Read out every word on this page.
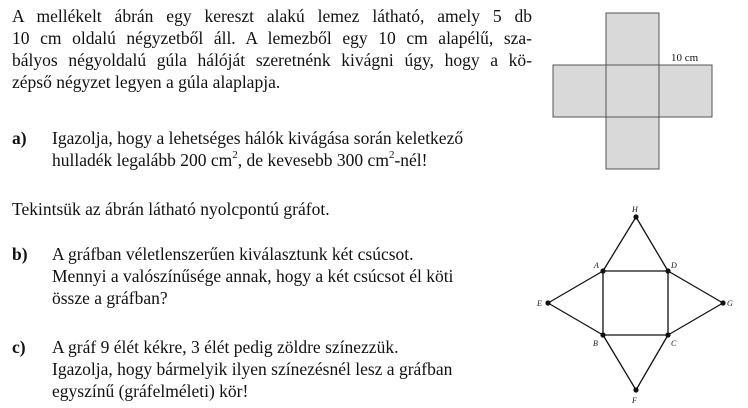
A mellékelt ábrán egy kereszt alakú lemez látható, amely 5 db
10 cm oldalú négyzetből áll. A lemezből egy 10 cm alapélű, sza-
bályos négyoldalú gúla hálóját szeretnénk kivágni úgy, hogy a kö-
zépső négyzet legyen a gúla alaplapja.
10 cm
a) Igazolja, hogy a lehetséges hálók kivágása során keletkező
hulladék legalább 200 $cm^2$, de kevesebb 300 $cm^2$-nél!
Tekintsük az ábrán látható nyolcpontú gráfot.
b) A gráfban véletlenszerűen kiválasztunk két csúcsot.
Mennyi a valószínűsége annak, hogy a két csúcsot él köti
össze a gráfban?
c) A gráf 9 élét kékre, 3 élét pedig zöldre színezzük.
Igazolja, hogy bármelyik ilyen színezésnél lesz a gráfban
egyszínű (gráfelméleti) kör!
H
A	D
E	G
B	C
F
